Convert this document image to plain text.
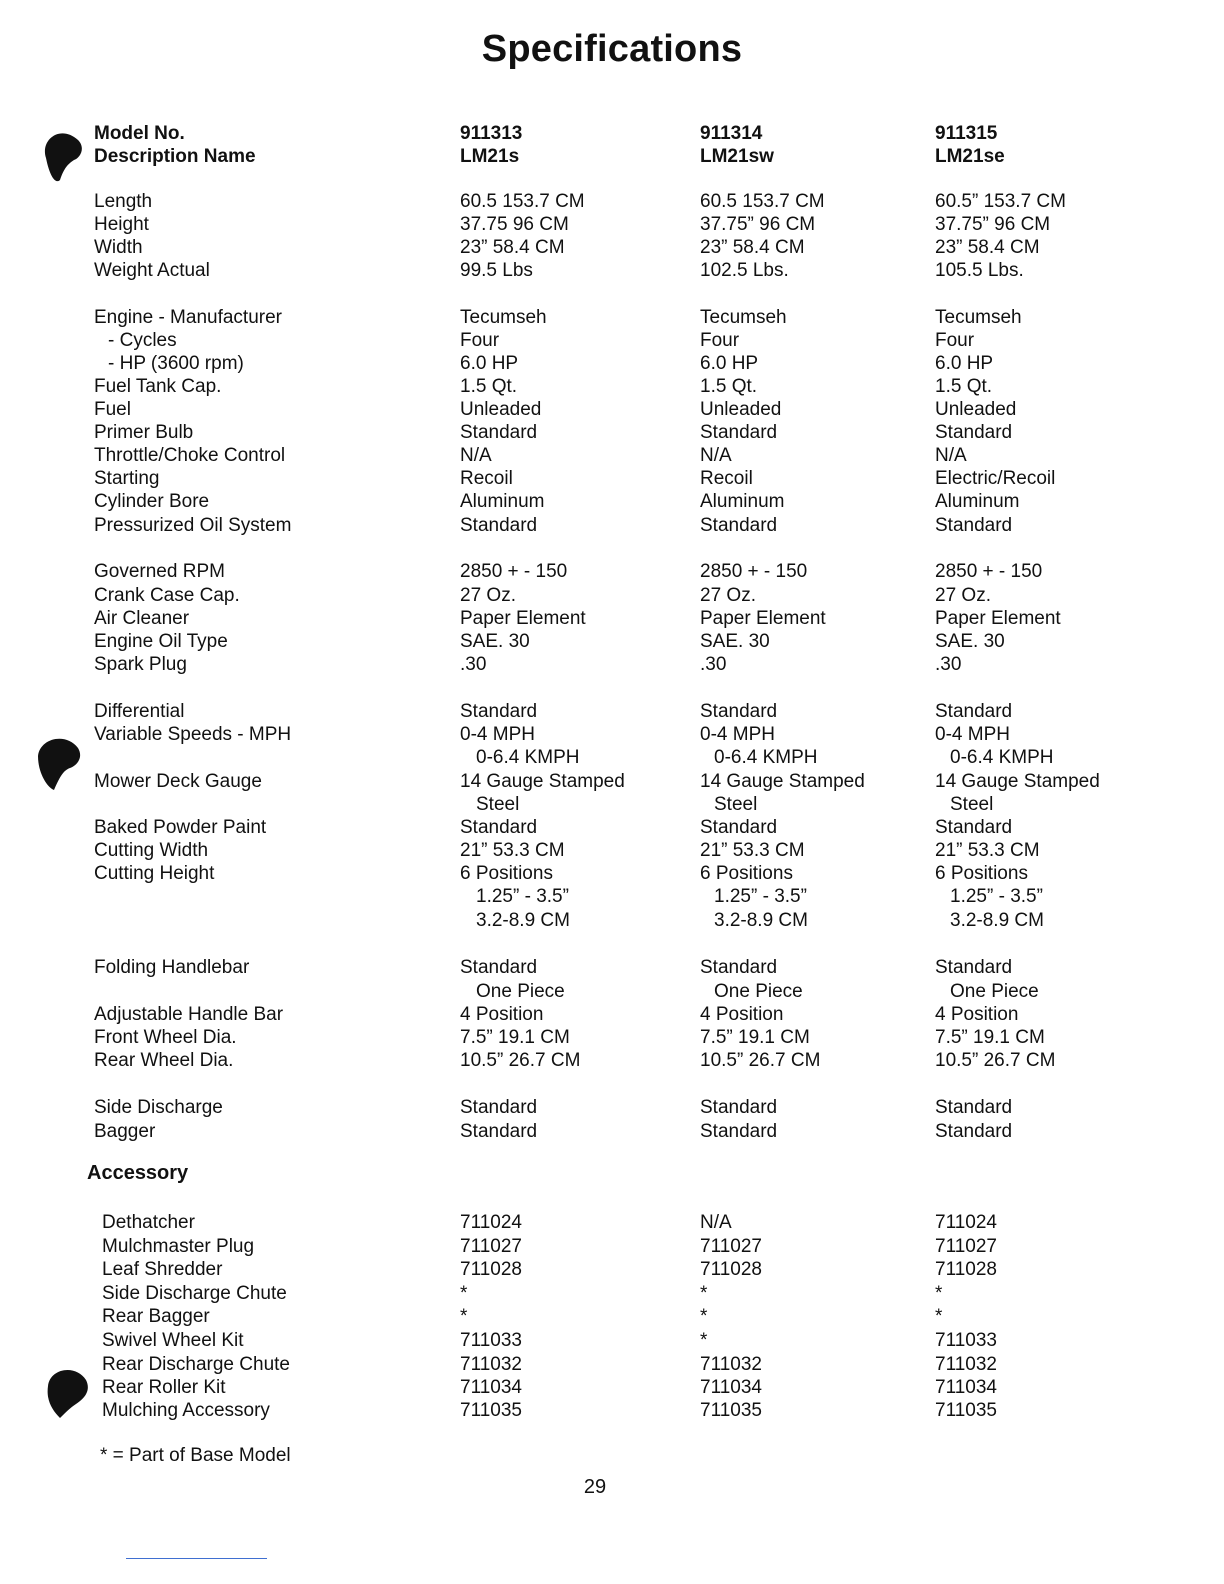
Specifications
Model No.	911313	911314	911315
Description Name	LM21s	LM21sw	LM21se
Length	60.5 153.7 CM	60.5 153.7 CM	60.5” 153.7 CM
Height	37.75 96 CM	37.75” 96 CM	37.75” 96 CM
Width	23” 58.4 CM	23” 58.4 CM	23” 58.4 CM
Weight Actual	99.5 Lbs	102.5 Lbs.	105.5 Lbs.
Engine - Manufacturer	Tecumseh	Tecumseh	Tecumseh
- Cycles	Four	Four	Four
- HP (3600 rpm)	6.0 HP	6.0 HP	6.0 HP
Fuel Tank Cap.	1.5 Qt.	1.5 Qt.	1.5 Qt.
Fuel	Unleaded	Unleaded	Unleaded
Primer Bulb	Standard	Standard	Standard
Throttle/Choke Control	N/A	N/A	N/A
Starting	Recoil	Recoil	Electric/Recoil
Cylinder Bore	Aluminum	Aluminum	Aluminum
Pressurized Oil System	Standard	Standard	Standard
Governed RPM	2850 + - 150	2850 + - 150	2850 + - 150
Crank Case Cap.	27 Oz.	27 Oz.	27 Oz.
Air Cleaner	Paper Element	Paper Element	Paper Element
Engine Oil Type	SAE. 30	SAE. 30	SAE. 30
Spark Plug	.30	.30	.30
Differential	Standard	Standard	Standard
Variable Speeds - MPH	0-4 MPH	0-4 MPH	0-4 MPH
0-6.4 KMPH	0-6.4 KMPH	0-6.4 KMPH
Mower Deck Gauge	14 Gauge Stamped	14 Gauge Stamped	14 Gauge Stamped
Steel	Steel	Steel
Baked Powder Paint	Standard	Standard	Standard
Cutting Width	21” 53.3 CM	21” 53.3 CM	21” 53.3 CM
Cutting Height	6 Positions	6 Positions	6 Positions
1.25” - 3.5”	1.25” - 3.5”	1.25” - 3.5”
3.2-8.9 CM	3.2-8.9 CM	3.2-8.9 CM
Folding Handlebar	Standard	Standard	Standard
One Piece	One Piece	One Piece
Adjustable Handle Bar	4 Position	4 Position	4 Position
Front Wheel Dia.	7.5” 19.1 CM	7.5” 19.1 CM	7.5” 19.1 CM
Rear Wheel Dia.	10.5” 26.7 CM	10.5” 26.7 CM	10.5” 26.7 CM
Side Discharge	Standard	Standard	Standard
Bagger	Standard	Standard	Standard
Accessory
Dethatcher	711024	N/A	711024
Mulchmaster Plug	711027	711027	711027
Leaf Shredder	711028	711028	711028
Side Discharge Chute	*	*	*
Rear Bagger	*	*	*
Swivel Wheel Kit	711033	*	711033
Rear Discharge Chute	711032	711032	711032
Rear Roller Kit	711034	711034	711034
Mulching Accessory	711035	711035	711035
* = Part of Base Model
29
